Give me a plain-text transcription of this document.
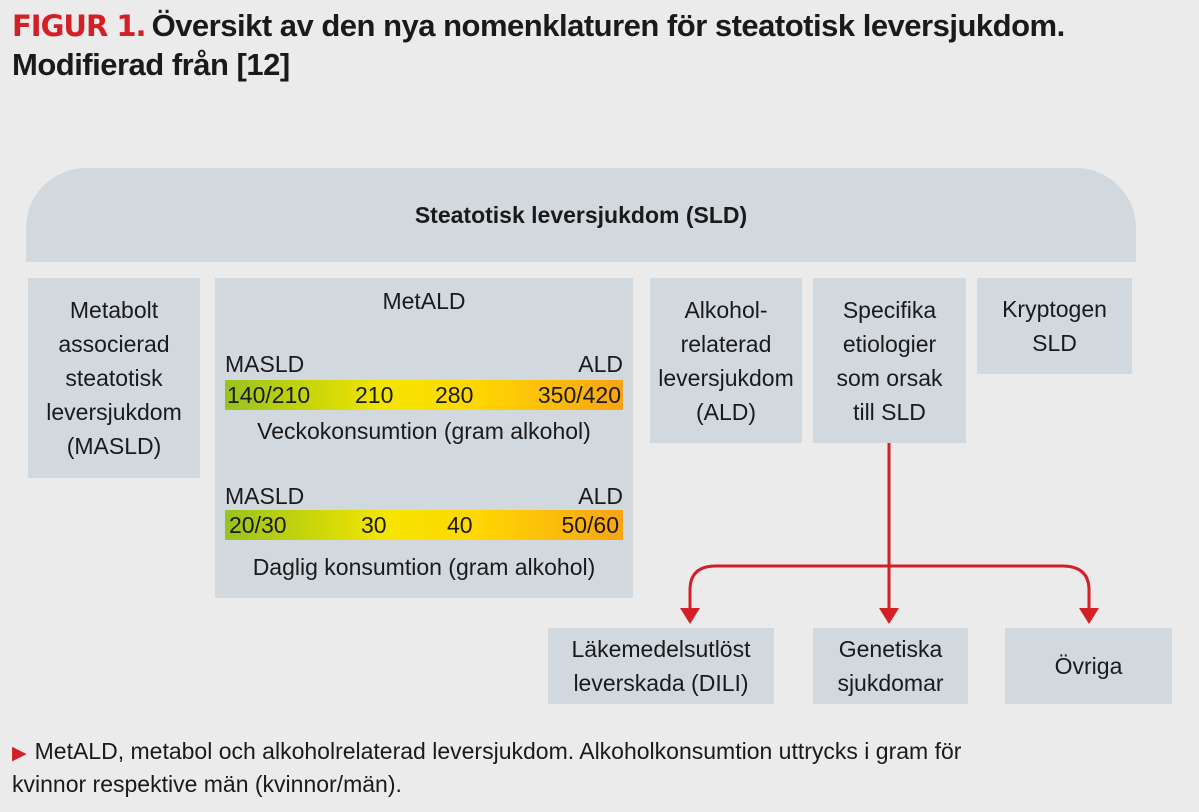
FIGUR 1. Översikt av den nya nomenklaturen för steatotisk leversjukdom.
Modifierad från [12]
Steatotisk leversjukdom (SLD)
Metabolt
associerad
steatotisk
leversjukdom
(MASLD)
MetALD
MASLD	ALD
140/210 210 280	350/420
Veckokonsumtion (gram alkohol)
MASLD	ALD
20/30	30	40	50/60
Daglig konsumtion (gram alkohol)
Alkohol-
relaterad
leversjukdom
(ALD)
Specifika
etiologier
som orsak
till SLD
Kryptogen
SLD
Läkemedelsutlöst
leverskada (DILI)
Genetiska
sjukdomar
Övriga
▶ MetALD, metabol och alkoholrelaterad leversjukdom. Alkoholkonsumtion uttrycks i gram för
kvinnor respektive män (kvinnor/män).
